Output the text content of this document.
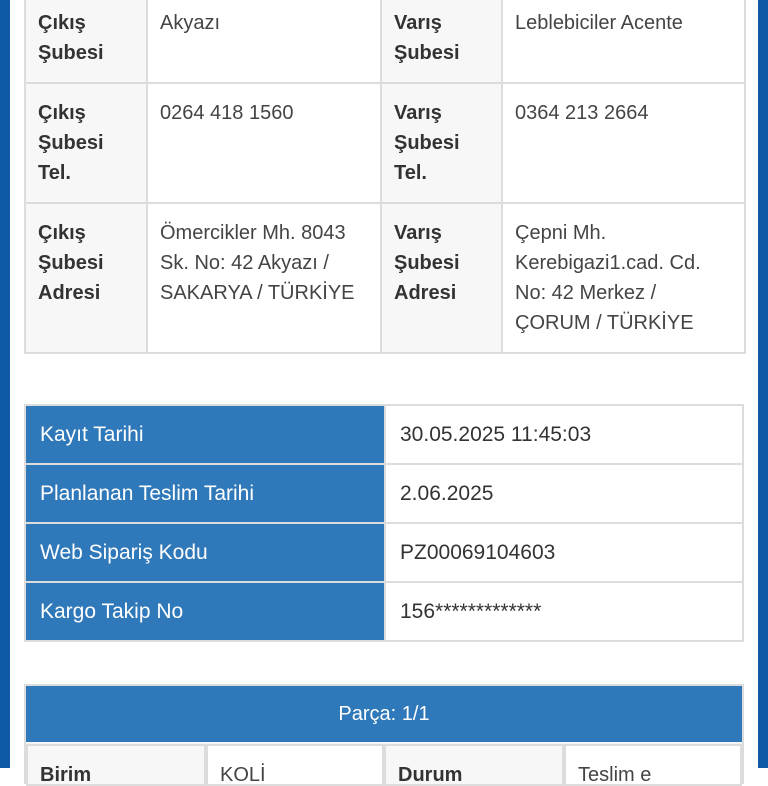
Çıkış Şubesi	Akyazı	Varış Şubesi	Leblebiciler Acente
Çıkış Şubesi Tel.	0264 418 1560	Varış Şubesi Tel.	0364 213 2664
Çıkış Şubesi Adresi	Ömercikler Mh. 8043 Sk. No: 42 Akyazı / SAKARYA / TÜRKİYE	Varış Şubesi Adresi	Çepni Mh. Kerebigazi1.cad. Cd. No: 42 Merkez / ÇORUM / TÜRKİYE
Kayıt Tarihi	30.05.2025 11:45:03
Planlanan Teslim Tarihi	2.06.2025
Web Sipariş Kodu	PZ00069104603
Kargo Takip No	156*************
Parça: 1/1
Birim	KOLİ	Durum	Teslim e
